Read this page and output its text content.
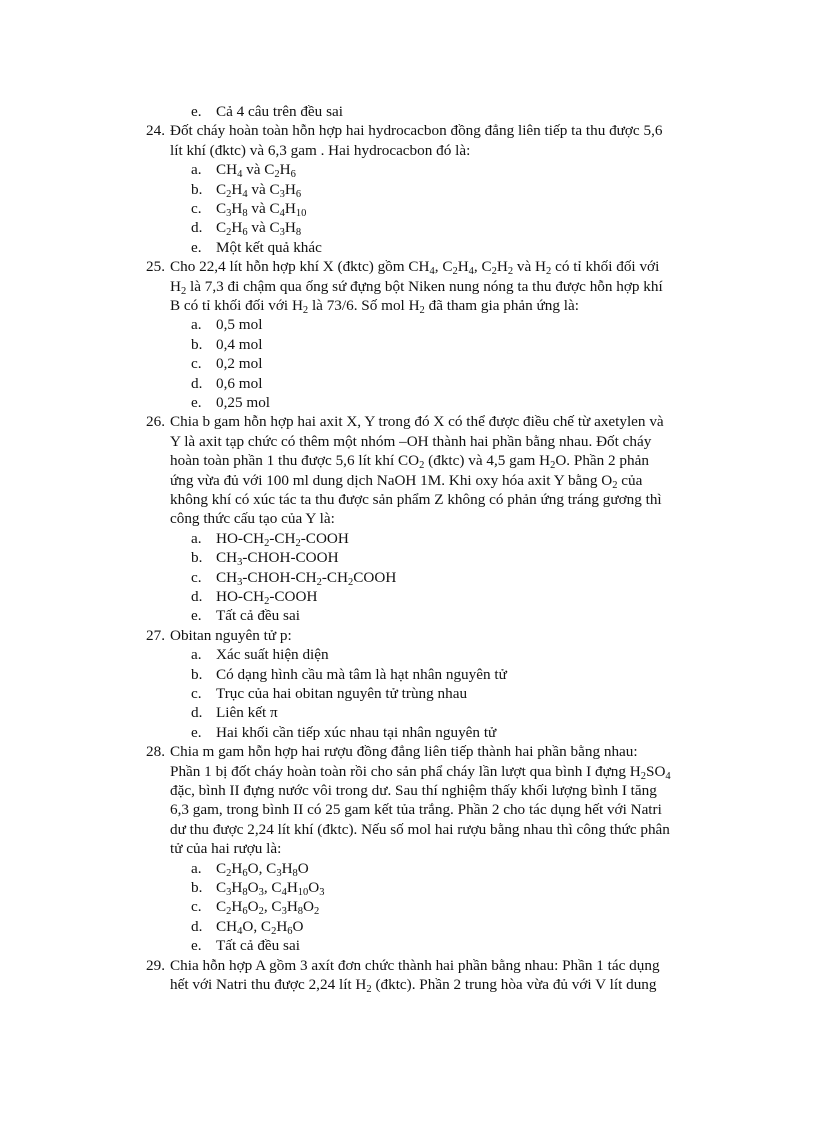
e. Cả 4 câu trên đều sai
24. Đốt cháy hoàn toàn hỗn hợp hai hydrocacbon đồng đẳng liên tiếp ta thu được 5,6
lít khí (đktc) và 6,3 gam . Hai hydrocacbon đó là:
a. $CH_4$ và $C_2H_6$
b. $C_2H_4$ và $C_3H_6$
c. $C_3H_8$ và $C_4H_{10}$
d. $C_2H_6$ và $C_3H_8$
e. Một kết quả khác
25. Cho 22,4 lít hỗn hợp khí X (đktc) gồm $CH_4$, $C_2H_4$, $C_2H_2$ và $H_2$ có tỉ khối đối với
$H_2$ là 7,3 đi chậm qua ống sứ đựng bột Niken nung nóng ta thu được hỗn hợp khí
B có tỉ khối đối với $H_2$ là 73/6. Số mol $H_2$ đã tham gia phản ứng là:
a. 0,5 mol
b. 0,4 mol
c. 0,2 mol
d. 0,6 mol
e. 0,25 mol
26. Chia b gam hỗn hợp hai axit X, Y trong đó X có thể được điều chế từ axetylen và
Y là axit tạp chức có thêm một nhóm –OH thành hai phần bằng nhau. Đốt cháy
hoàn toàn phần 1 thu được 5,6 lít khí $CO_2$ (đktc) và 4,5 gam $H_2O$. Phần 2 phản
ứng vừa đủ với 100 ml dung dịch NaOH 1M. Khi oxy hóa axit Y bằng $O_2$ của
không khí có xúc tác ta thu được sản phẩm Z không có phản ứng tráng gương thì
công thức cấu tạo của Y là:
a. $HO-CH_2-CH_2$-COOH
b. $CH_3-CHOH$-COOH
c. $CH_3-CHOH-CH_2-CH_2COOH$
d. $HO-CH_2$-COOH
e. Tất cả đều sai
27. Obitan nguyên tử p:
a. Xác suất hiện diện
b. Có dạng hình cầu mà tâm là hạt nhân nguyên tử
c. Trục của hai obitan nguyên tử trùng nhau
d. Liên kết π
e. Hai khối cần tiếp xúc nhau tại nhân nguyên tử
28. Chia m gam hỗn hợp hai rượu đồng đẳng liên tiếp thành hai phần bằng nhau:
Phần 1 bị đốt cháy hoàn toàn rồi cho sản phẩ cháy lần lượt qua bình I đựng $H_2SO_4$
đặc, bình II đựng nước vôi trong dư. Sau thí nghiệm thấy khối lượng bình I tăng
6,3 gam, trong bình II có 25 gam kết tủa trắng. Phần 2 cho tác dụng hết với Natri
dư thu được 2,24 lít khí (đktc). Nếu số mol hai rượu bằng nhau thì công thức phân
tử của hai rượu là:
a. $C_2H_6O$, $C_3H_8O$
b. $C_3H_8O_3$, $C_4H_{10}O_3$
c. $C_2H_6O_2$, $C_3H_8O_2$
d. $CH_4O$, $C_2H_6O$
e. Tất cả đều sai
29. Chia hỗn hợp A gồm 3 axít đơn chức thành hai phần bằng nhau: Phần 1 tác dụng
hết với Natri thu được 2,24 lít $H_2$ (đktc). Phần 2 trung hòa vừa đủ với V lít dung
